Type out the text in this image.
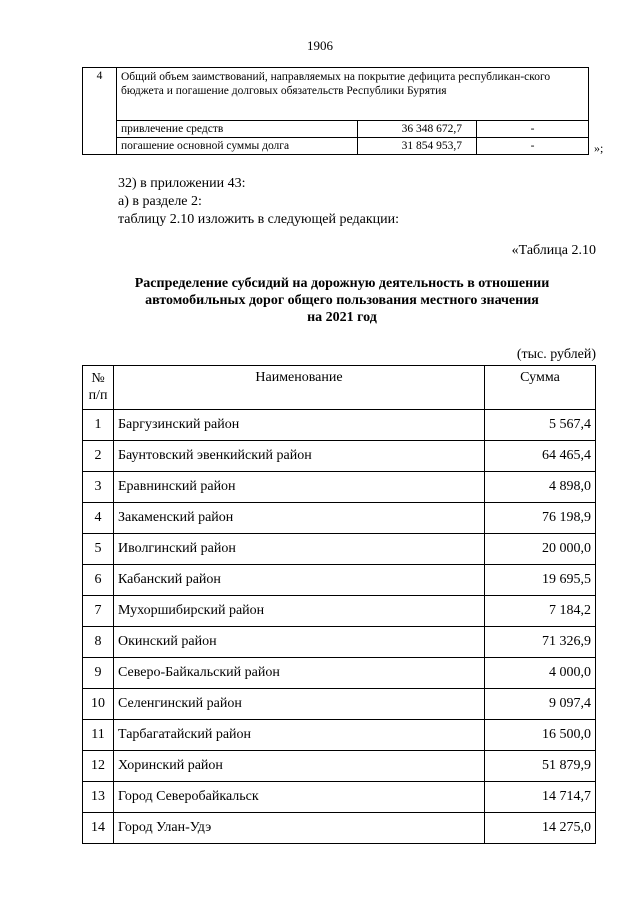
1906
4	Общий объем заимствований, направляемых на покрытие дефицита республикан-ского бюджета и погашение долговых обязательств Республики Бурятия		
	привлечение средств	36 348 672,7	-
	погашение основной суммы долга	31 854 953,7	-	»;
32) в приложении 43:
а) в разделе 2:
таблицу 2.10 изложить в следующей редакции:
«Таблица 2.10
Распределение субсидий на дорожную деятельность в отношении
автомобильных дорог общего пользования местного значения
на 2021 год
(тыс. рублей)
№
п/п	Наименование	Сумма
1	Баргузинский район	5 567,4
2	Баунтовский эвенкийский район	64 465,4
3	Еравнинский район	4 898,0
4	Закаменский район	76 198,9
5	Иволгинский район	20 000,0
6	Кабанский район	19 695,5
7	Мухоршибирский район	7 184,2
8	Окинский район	71 326,9
9	Северо-Байкальский район	4 000,0
10	Селенгинский район	9 097,4
11	Тарбагатайский район	16 500,0
12	Хоринский район	51 879,9
13	Город Северобайкальск	14 714,7
14	Город Улан-Удэ	14 275,0
